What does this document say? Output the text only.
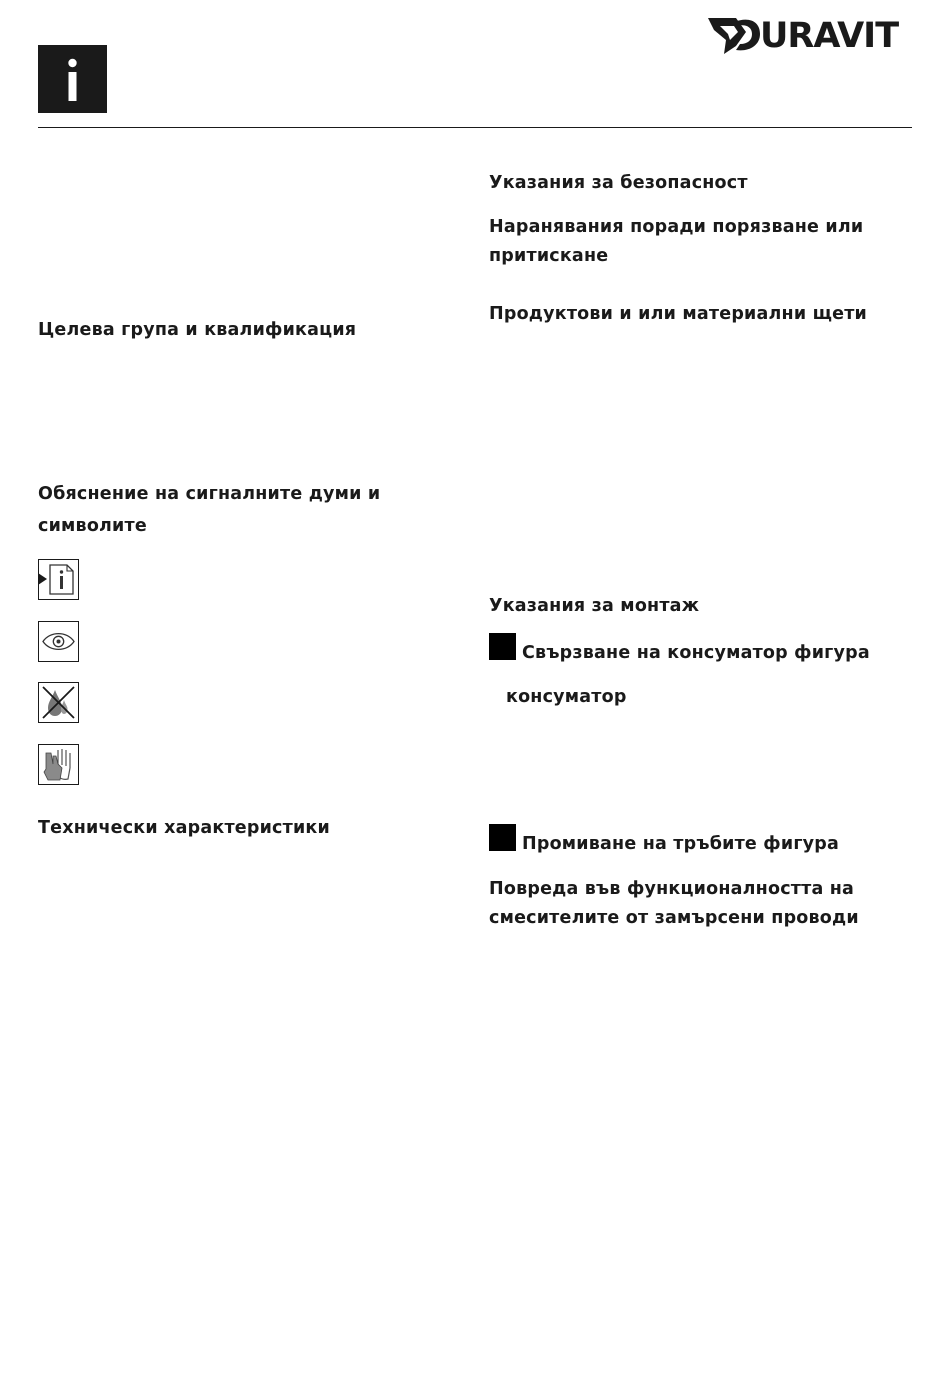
URAVIT
Целева група и квалификация
Обяснение на сигналните думи и символите
Технически характеристики
Указания за безопасност
Наранявания поради порязване или притискане
Продуктови и или материални щети
Указания за монтаж
Свързване на консуматор фигура
консуматор
Промиване на тръбите фигура
Повреда във функционалността на смесителите от замърсени проводи
